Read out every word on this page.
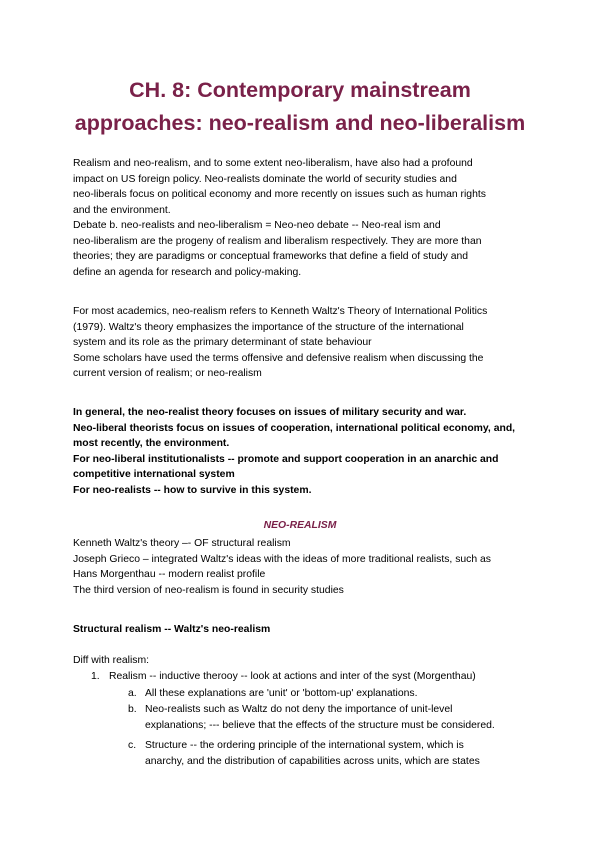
CH. 8: Contemporary mainstream
approaches: neo-realism and neo-liberalism
Realism and neo-realism, and to some extent neo-liberalism, have also had a profound
impact on US foreign policy. Neo-realists dominate the world of security studies and
neo-liberals focus on political economy and more recently on issues such as human rights
and the environment.
Debate b. neo-realists and neo-liberalism = Neo-neo debate -- Neo-real ism and
neo-liberalism are the progeny of realism and liberalism respectively. They are more than
theories; they are paradigms or conceptual frameworks that define a field of study and
define an agenda for research and policy-making.
For most academics, neo-realism refers to Kenneth Waltz's Theory of International Politics
(1979). Waltz's theory emphasizes the importance of the structure of the international
system and its role as the primary determinant of state behaviour
Some scholars have used the terms offensive and defensive realism when discussing the
current version of realism; or neo-realism
In general, the neo-realist theory focuses on issues of military security and war.
Neo-liberal theorists focus on issues of cooperation, international political economy, and,
most recently, the environment.
For neo-liberal institutionalists -- promote and support cooperation in an anarchic and
competitive international system
For neo-realists -- how to survive in this system.
NEO-REALISM
Kenneth Waltz's theory –- OF structural realism
Joseph Grieco – integrated Waltz's ideas with the ideas of more traditional realists, such as
Hans Morgenthau -- modern realist profile
The third version of neo-realism is found in security studies
Structural realism -- Waltz's neo-realism
Diff with realism:
1. Realism -- inductive therooy -- look at actions and inter of the syst (Morgenthau)
a. All these explanations are 'unit' or 'bottom-up' explanations.
b. Neo-realists such as Waltz do not deny the importance of unit-level
explanations; --- believe that the effects of the structure must be considered.
c. Structure -- the ordering principle of the international system, which is
anarchy, and the distribution of capabilities across units, which are states
